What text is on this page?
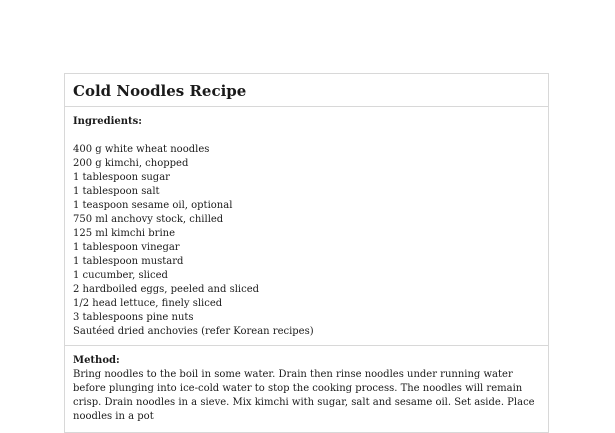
Cold Noodles Recipe
Ingredients:
400 g white wheat noodles
200 g kimchi, chopped
1 tablespoon sugar
1 tablespoon salt
1 teaspoon sesame oil, optional
750 ml anchovy stock, chilled
125 ml kimchi brine
1 tablespoon vinegar
1 tablespoon mustard
1 cucumber, sliced
2 hardboiled eggs, peeled and sliced
1/2 head lettuce, finely sliced
3 tablespoons pine nuts
Sautéed dried anchovies (refer Korean recipes)
Method:

Bring noodles to the boil in some water. Drain then rinse noodles under running water before plunging into ice-cold water to stop the cooking process. The noodles will remain crisp. Drain noodles in a sieve. Mix kimchi with sugar, salt and sesame oil. Set aside. Place noodles in a pot
